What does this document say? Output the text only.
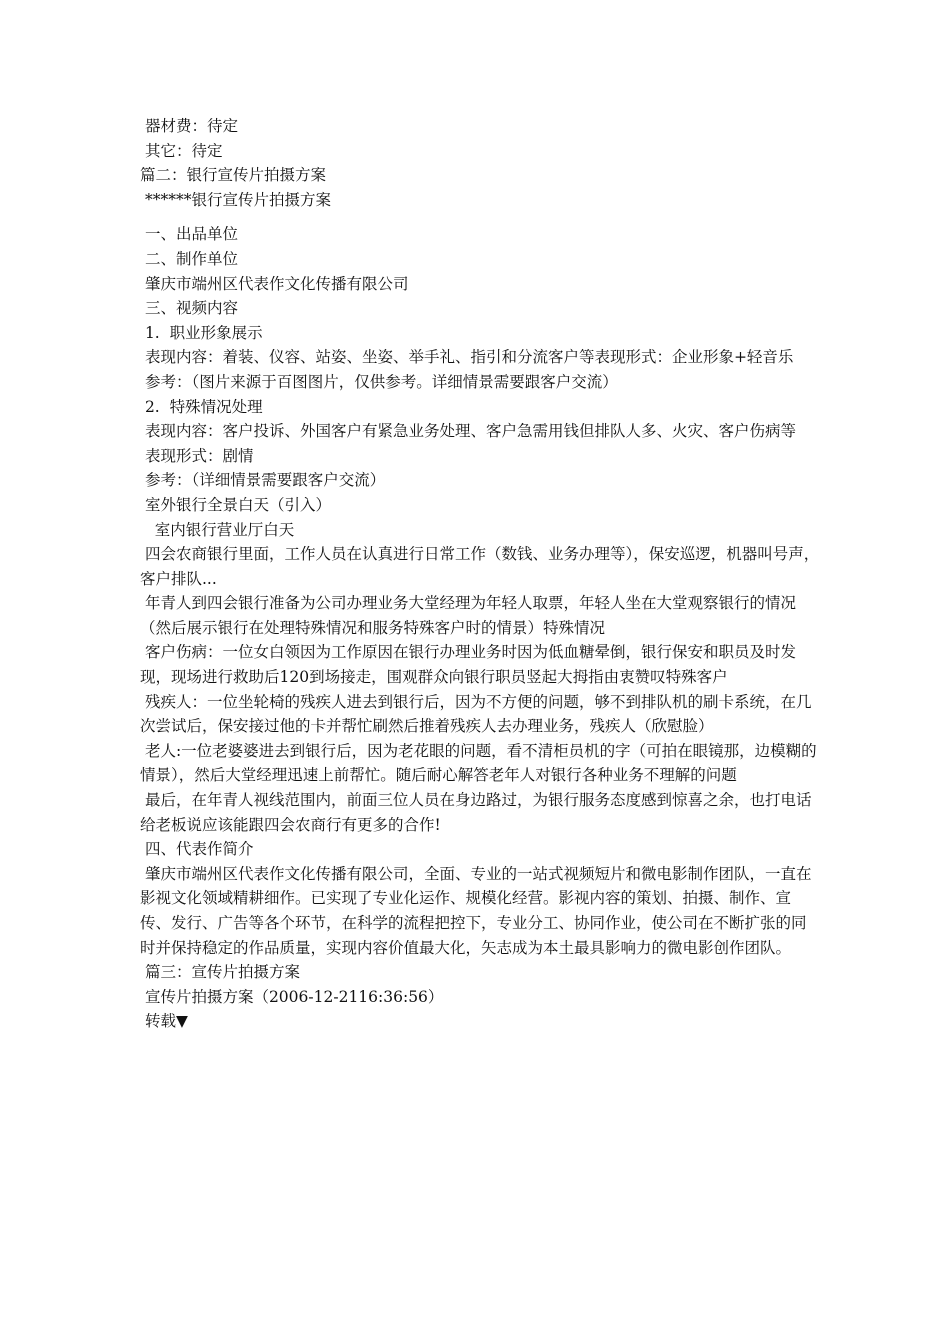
器材费：待定

其它：待定

篇二：银行宣传片拍摄方案

******银行宣传片拍摄方案

一、出品单位

二、制作单位

肇庆市端州区代表作文化传播有限公司

三、视频内容

1.  职业形象展示

表现内容：着装、仪容、站姿、坐姿、举手礼、指引和分流客户等表现形式：企业形象+轻音乐

参考：（图片来源于百图图片，仅供参考。详细情景需要跟客户交流）

2.  特殊情况处理

表现内容：客户投诉、外国客户有紧急业务处理、客户急需用钱但排队人多、火灾、客户伤病等

表现形式：剧情

参考：（详细情景需要跟客户交流）

室外银行全景白天（引入）

室内银行营业厅白天

四会农商银行里面，工作人员在认真进行日常工作（数钱、业务办理等），保安巡逻，机器叫号声，客户排队...

年青人到四会银行准备为公司办理业务大堂经理为年轻人取票，年轻人坐在大堂观察银行的情况（然后展示银行在处理特殊情况和服务特殊客户时的情景）特殊情况

客户伤病：一位女白领因为工作原因在银行办理业务时因为低血糖晕倒，银行保安和职员及时发现，现场进行救助后120到场接走，围观群众向银行职员竖起大拇指由衷赞叹特殊客户

残疾人：一位坐轮椅的残疾人进去到银行后，因为不方便的问题，够不到排队机的刷卡系统，在几次尝试后，保安接过他的卡并帮忙刷然后推着残疾人去办理业务，残疾人（欣慰脸）

老人:一位老婆婆进去到银行后，因为老花眼的问题，看不清柜员机的字（可拍在眼镜那，边模糊的情景），然后大堂经理迅速上前帮忙。随后耐心解答老年人对银行各种业务不理解的问题

最后，在年青人视线范围内，前面三位人员在身边路过，为银行服务态度感到惊喜之余，也打电话给老板说应该能跟四会农商行有更多的合作!

四、代表作简介

肇庆市端州区代表作文化传播有限公司，全面、专业的一站式视频短片和微电影制作团队，一直在影视文化领域精耕细作。已实现了专业化运作、规模化经营。影视内容的策划、拍摄、制作、宣传、发行、广告等各个环节，在科学的流程把控下，专业分工、协同作业，使公司在不断扩张的同时并保持稳定的作品质量，实现内容价值最大化，矢志成为本土最具影响力的微电影创作团队。

篇三：宣传片拍摄方案

宣传片拍摄方案（2006-12-2116:36:56）

转载▼
